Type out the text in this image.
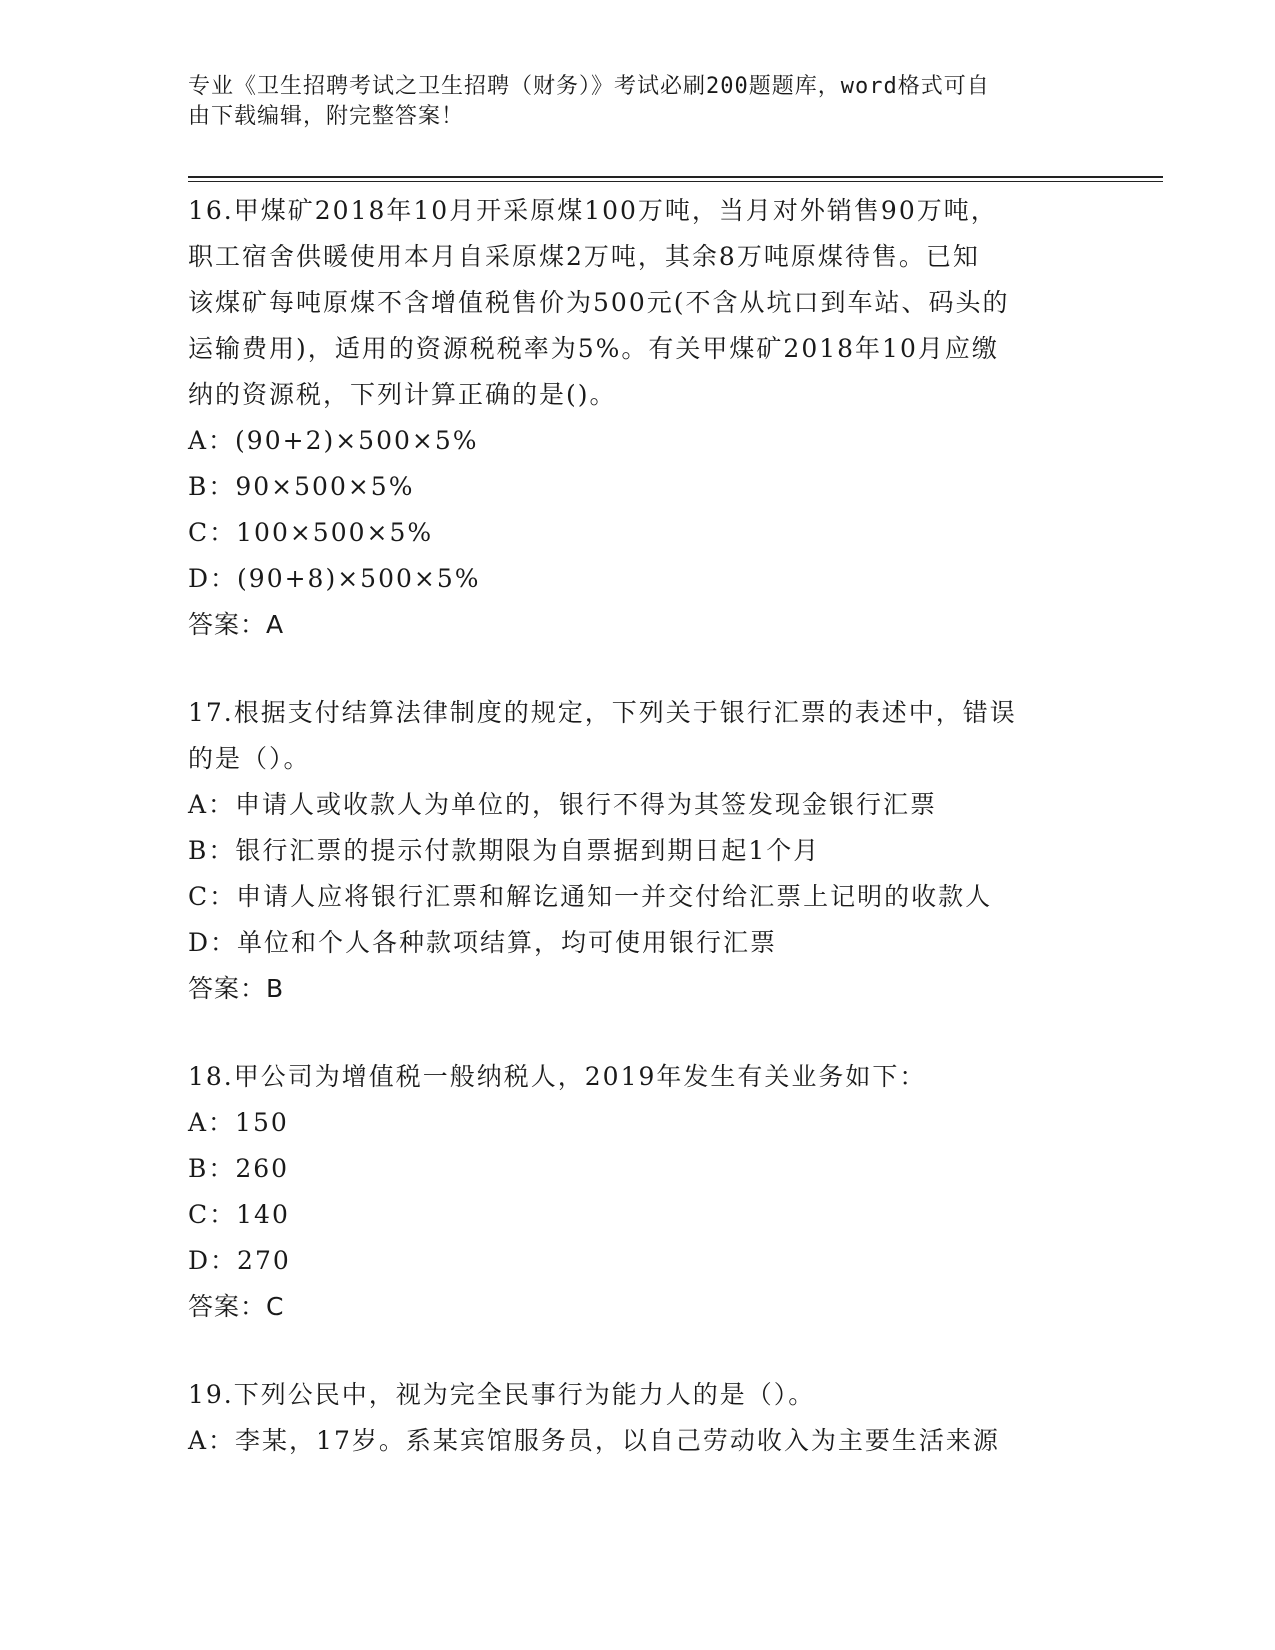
专业《卫生招聘考试之卫生招聘（财务）》考试必刷200题题库，word格式可自
由下载编辑，附完整答案！
16.甲煤矿2018年10月开采原煤100万吨，当月对外销售90万吨，
职工宿舍供暖使用本月自采原煤2万吨，其余8万吨原煤待售。已知
该煤矿每吨原煤不含增值税售价为500元(不含从坑口到车站、码头的
运输费用)，适用的资源税税率为5%。有关甲煤矿2018年10月应缴
纳的资源税，下列计算正确的是()。
A：(90+2)×500×5%
B：90×500×5%
C：100×500×5%
D：(90+8)×500×5%
答案：A
17.根据支付结算法律制度的规定，下列关于银行汇票的表述中，错误
的是（）。
A：申请人或收款人为单位的，银行不得为其签发现金银行汇票
B：银行汇票的提示付款期限为自票据到期日起1个月
C：申请人应将银行汇票和解讫通知一并交付给汇票上记明的收款人
D：单位和个人各种款项结算，均可使用银行汇票
答案：B
18.甲公司为增值税一般纳税人，2019年发生有关业务如下：
A：150
B：260
C：140
D：270
答案：C
19.下列公民中，视为完全民事行为能力人的是（）。
A：李某，17岁。系某宾馆服务员，以自己劳动收入为主要生活来源
